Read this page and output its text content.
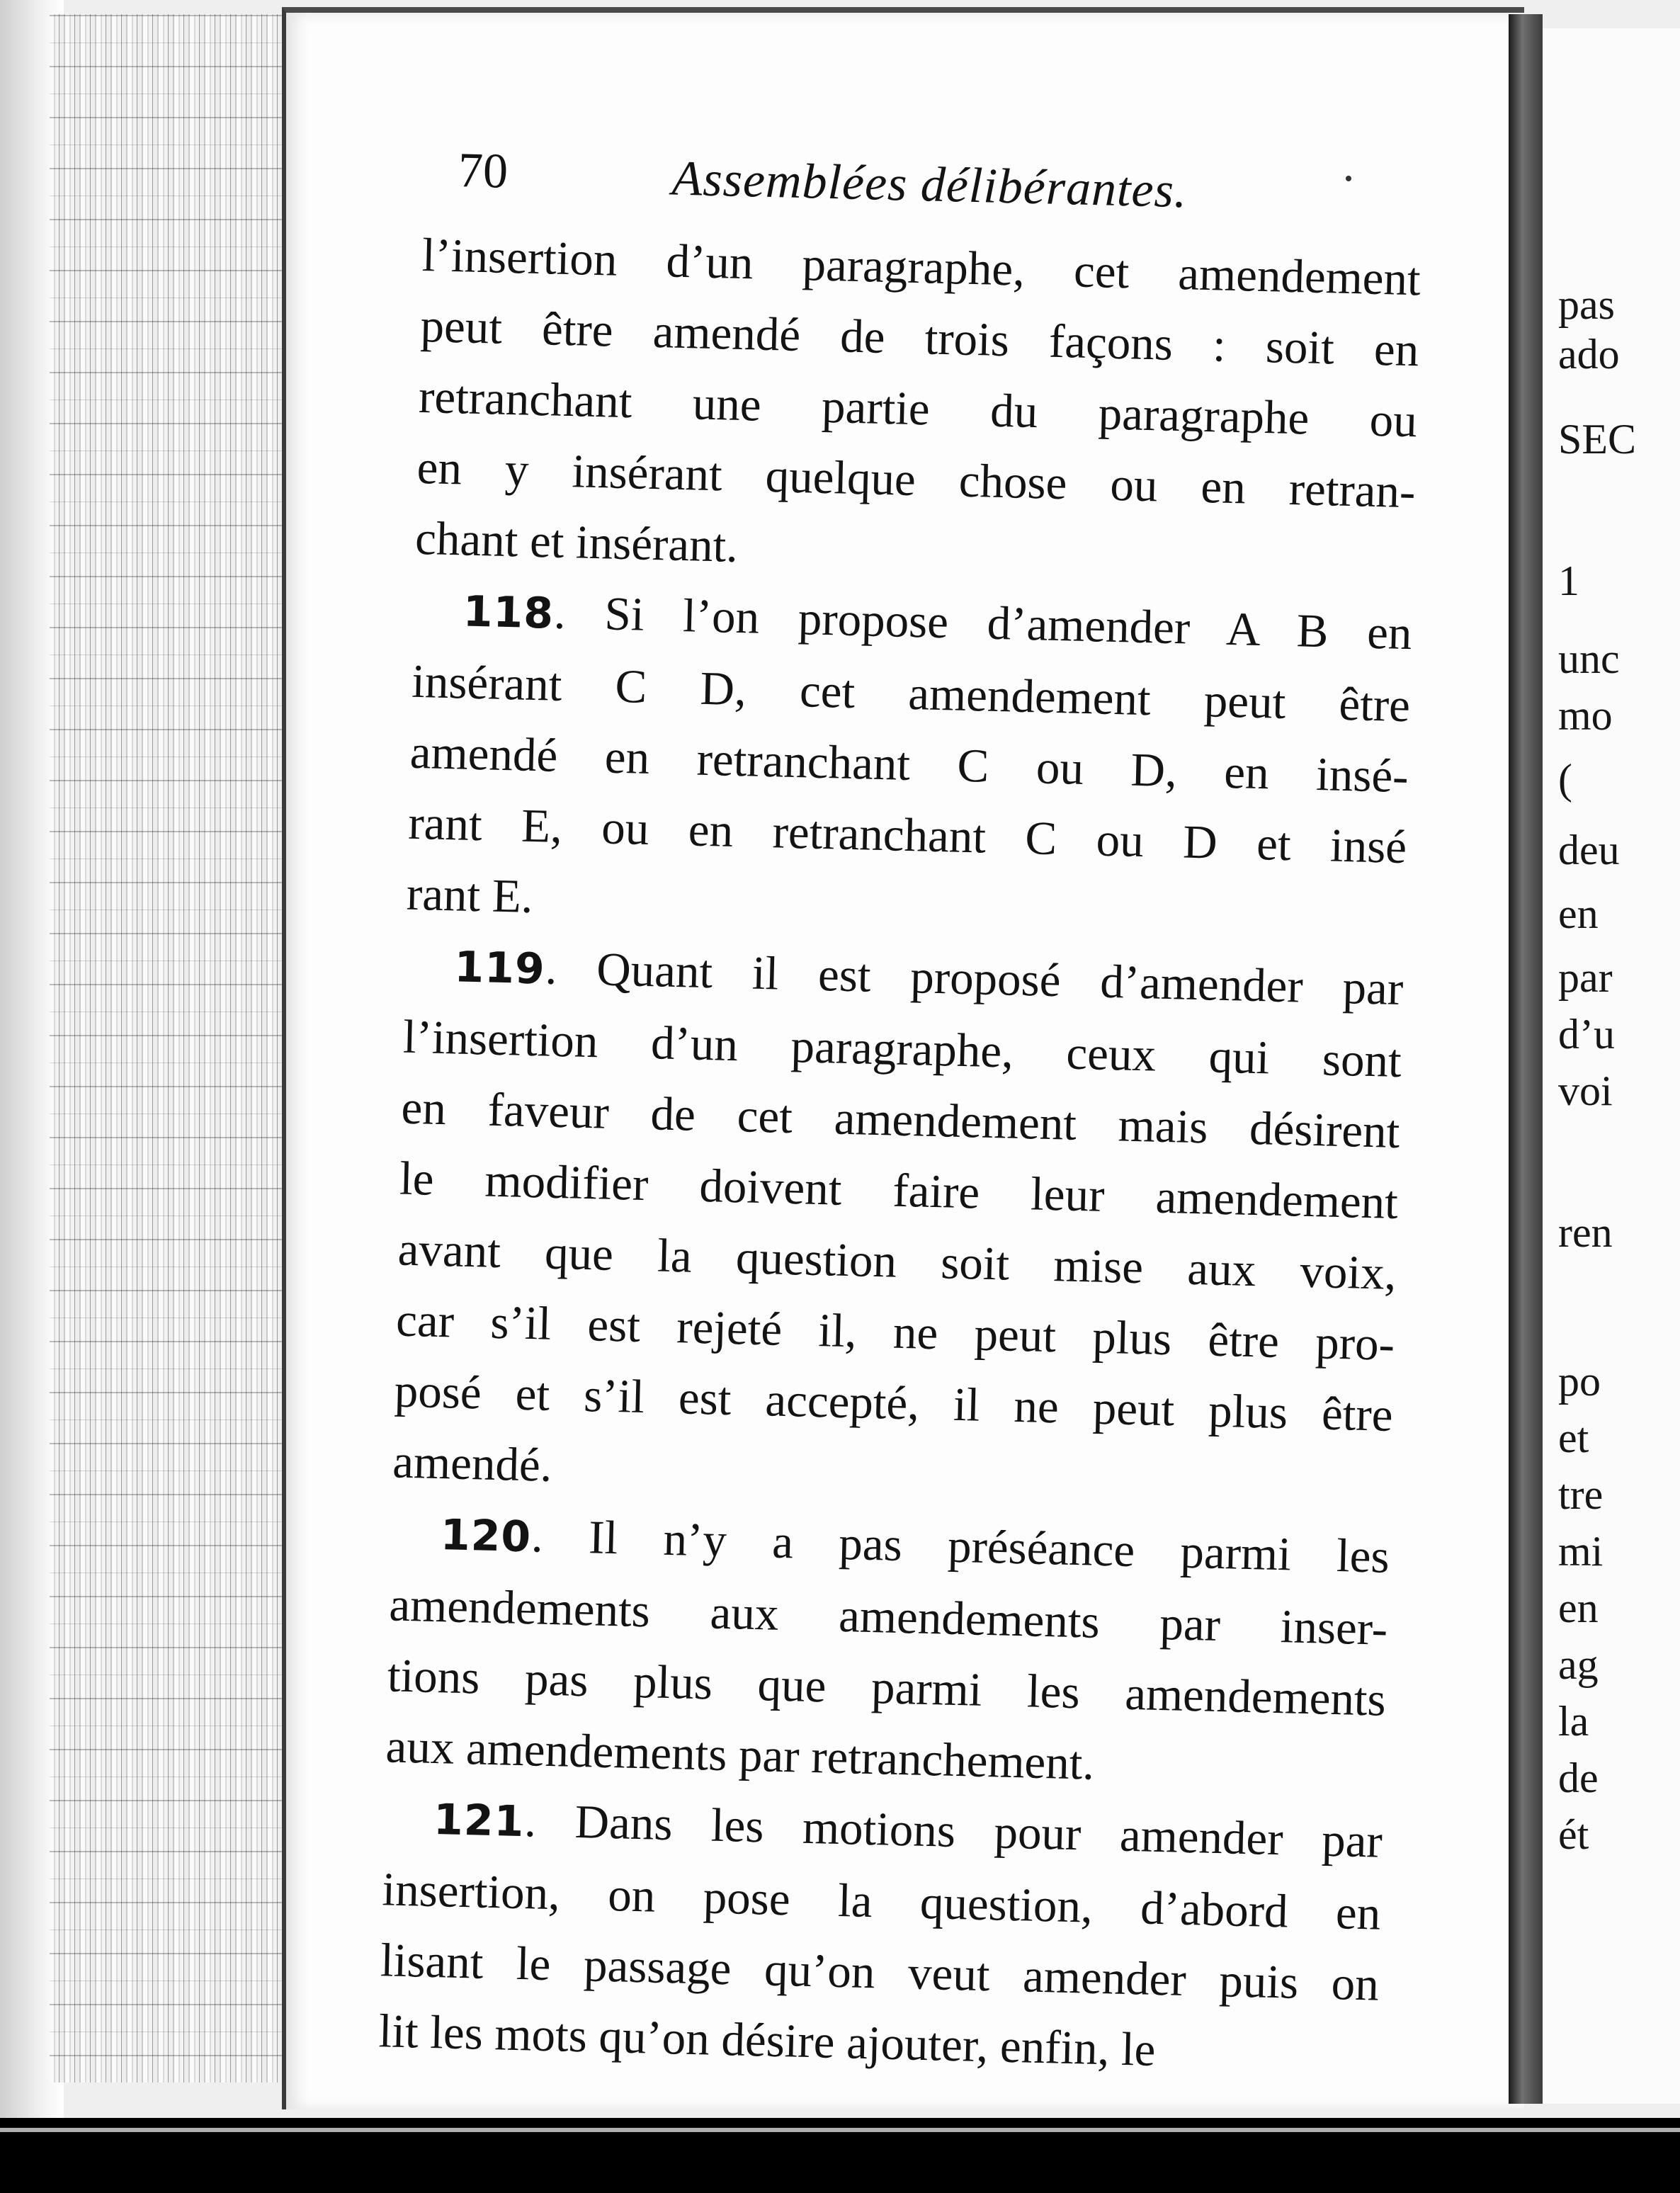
pas
ado
SEC
1
unc
mo
(
deu
en
par
d’u
voi
ren
po
et
tre
mi
en
ag
la
de
ét
70	Assemblées délibérantes.
l’insertion d’un paragraphe, cet amendement
peut être amendé de trois façons : soit en
retranchant une partie du paragraphe ou
en y insérant quelque chose ou en retran-
chant et insérant.
118. Si l’on propose d’amender A B en
insérant C D, cet amendement peut être
amendé en retranchant C ou D, en insé-
rant E, ou en retranchant C ou D et insé
rant E.
119. Quant il est proposé d’amender par
l’insertion d’un paragraphe, ceux qui sont
en faveur de cet amendement mais désirent
le modifier doivent faire leur amendement
avant que la question soit mise aux voix,
car s’il est rejeté il, ne peut plus être pro-
posé et s’il est accepté, il ne peut plus être
amendé.
120. Il n’y a pas préséance parmi les
amendements aux amendements par inser-
tions pas plus que parmi les amendements
aux amendements par retranchement.
121. Dans les motions pour amender par
insertion, on pose la question, d’abord en
lisant le passage qu’on veut amender puis on
lit les mots qu’on désire ajouter, enfin, le
